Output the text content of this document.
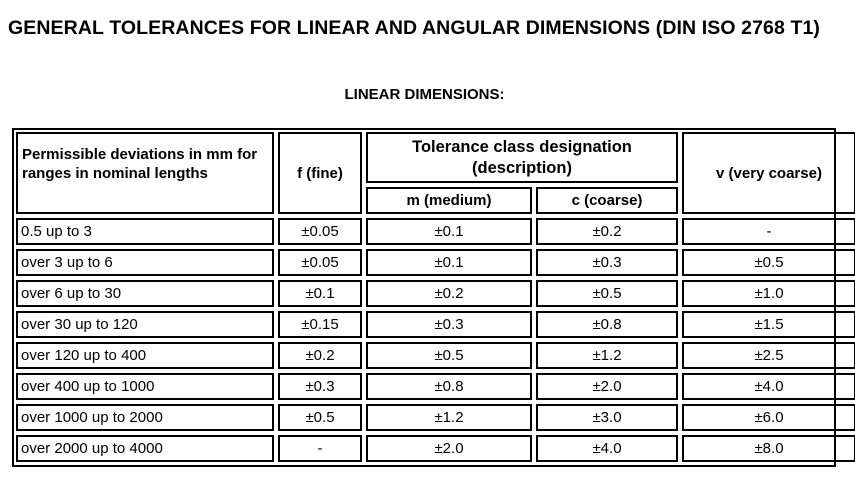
GENERAL TOLERANCES FOR LINEAR AND ANGULAR DIMENSIONS (DIN ISO 2768 T1)
LINEAR DIMENSIONS:
Permissible deviations in mm for ranges in nominal lengths	f (fine)	Tolerance class designation (description)		v (very coarse)
		m (medium)	c (coarse)	
0.5 up to 3	±0.05	±0.1	±0.2	-
over 3 up to 6	±0.05	±0.1	±0.3	±0.5
over 6 up to 30	±0.1	±0.2	±0.5	±1.0
over 30 up to 120	±0.15	±0.3	±0.8	±1.5
over 120 up to 400	±0.2	±0.5	±1.2	±2.5
over 400 up to 1000	±0.3	±0.8	±2.0	±4.0
over 1000 up to 2000	±0.5	±1.2	±3.0	±6.0
over 2000 up to 4000	-	±2.0	±4.0	±8.0
